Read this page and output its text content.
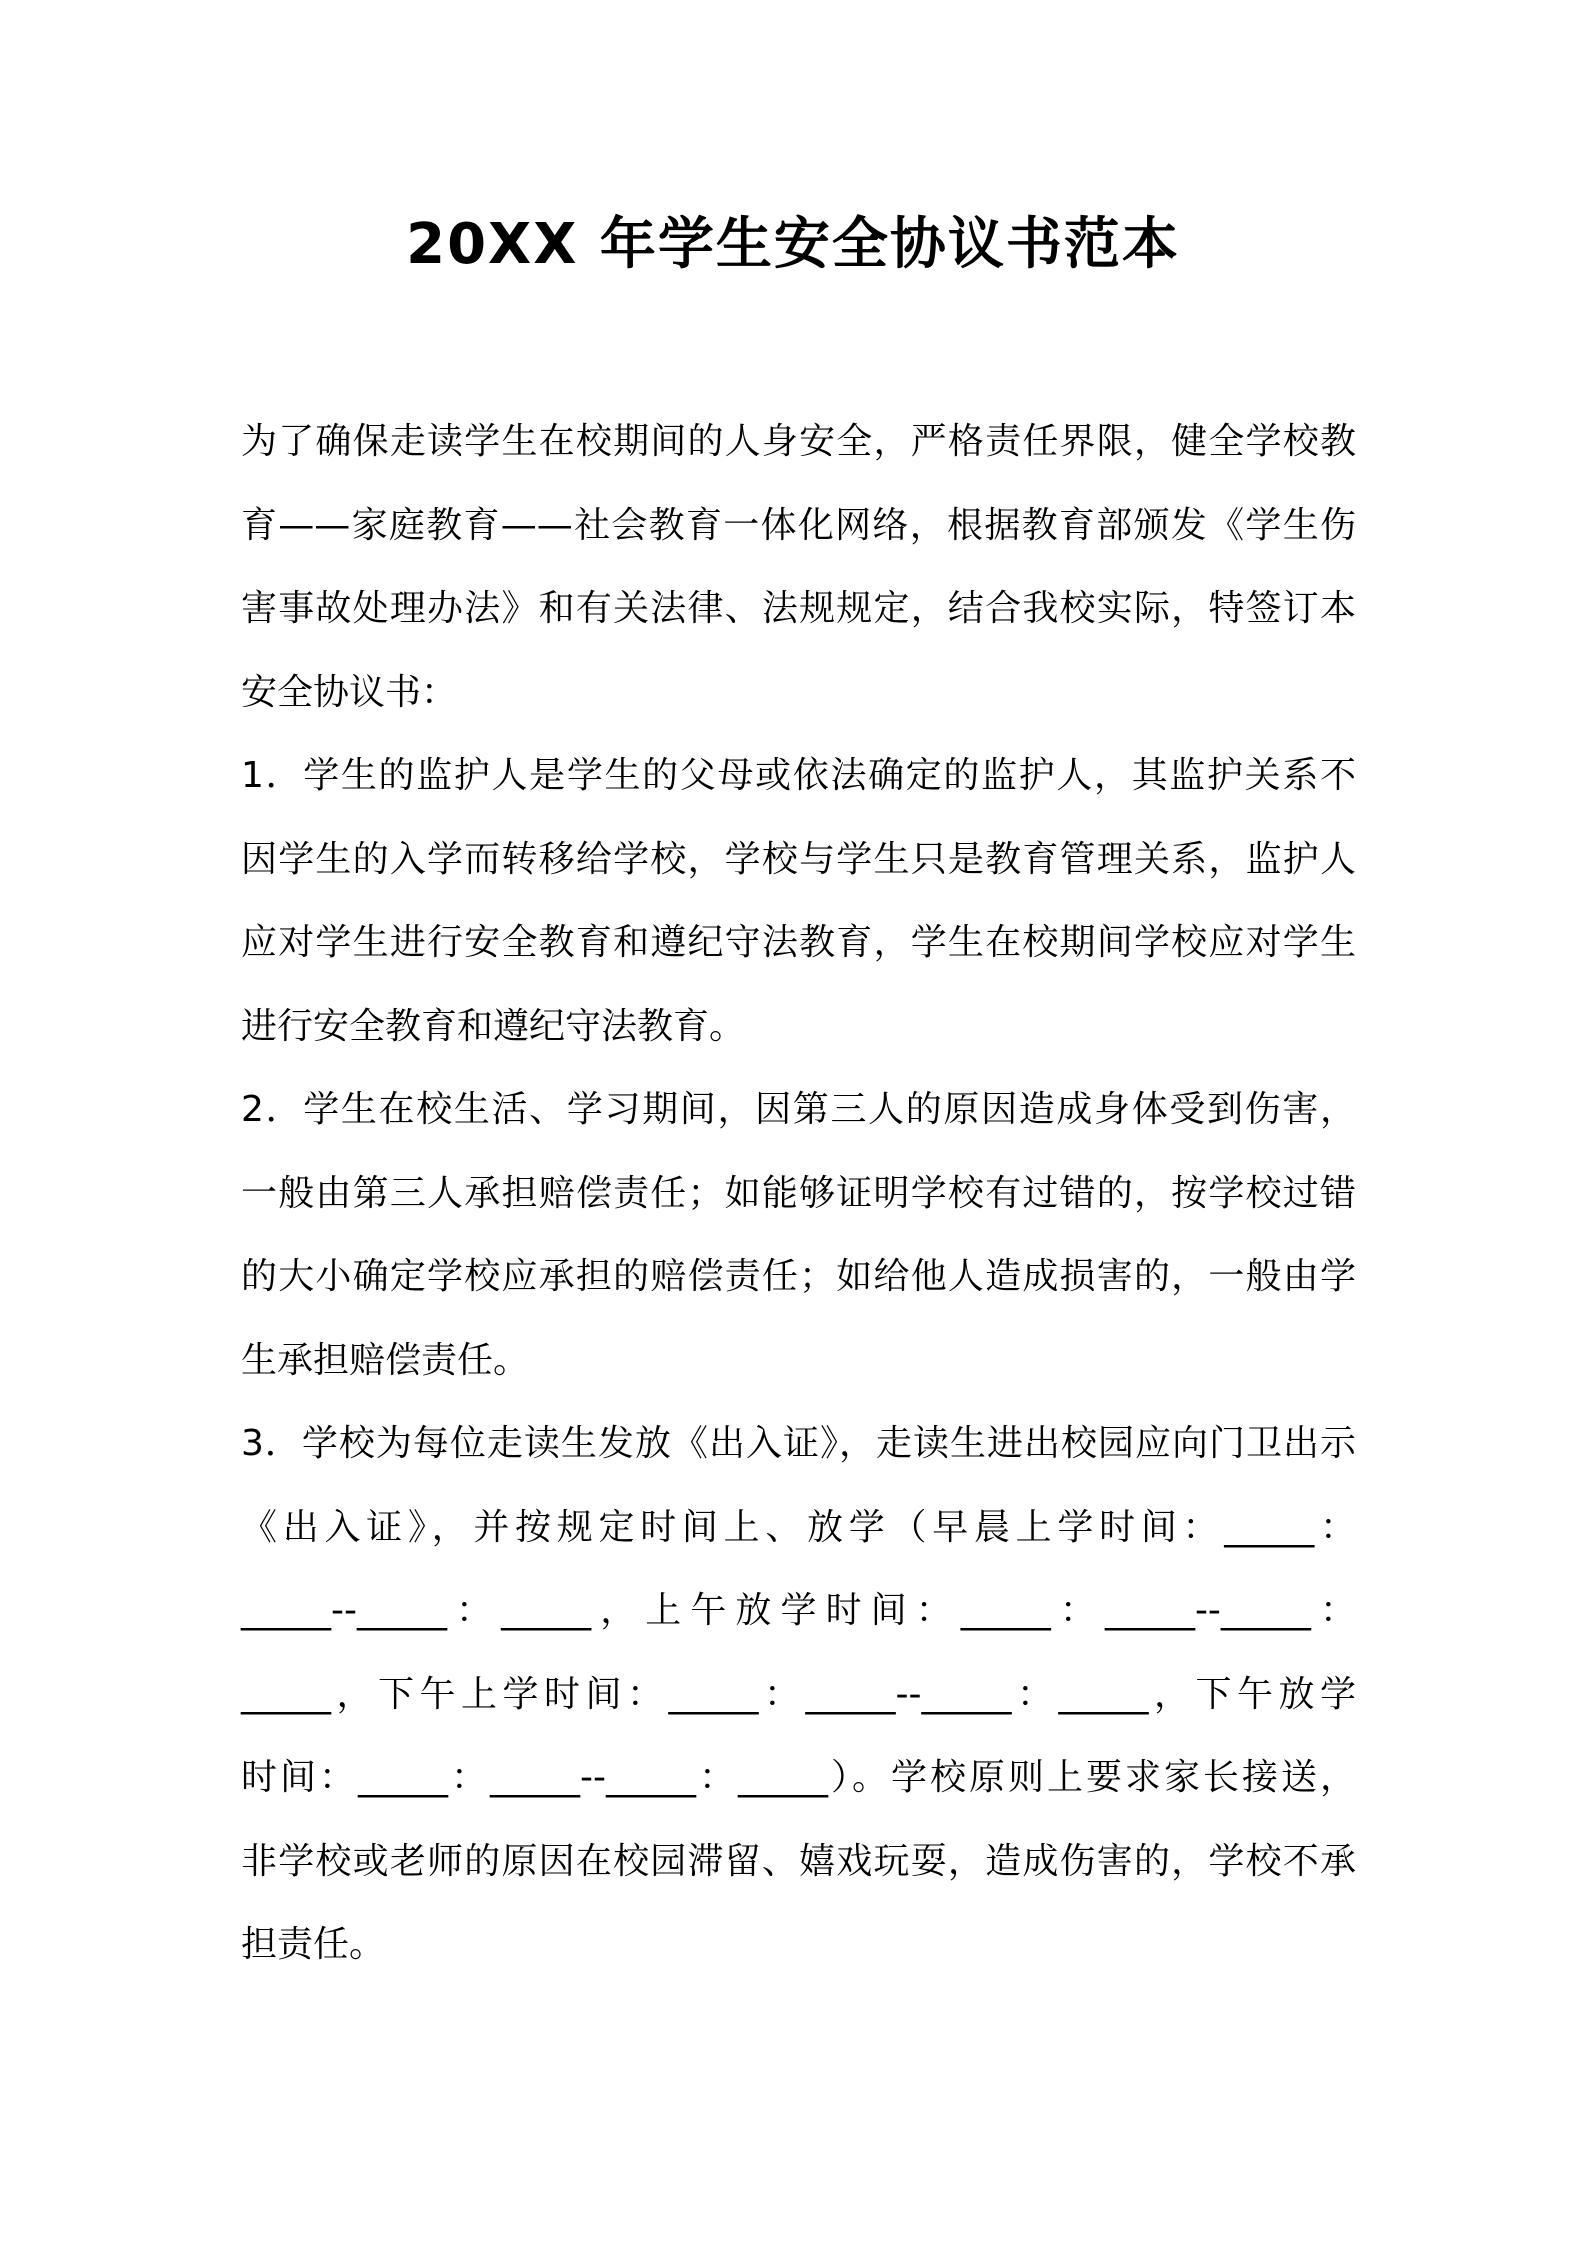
20XX 年学生安全协议书范本
为了确保走读学生在校期间的人身安全，严格责任界限，健全学校教
育——家庭教育——社会教育一体化网络，根据教育部颁发《学生伤
害事故处理办法》和有关法律、法规规定，结合我校实际，特签订本
安全协议书：
1．学生的监护人是学生的父母或依法确定的监护人，其监护关系不
因学生的入学而转移给学校，学校与学生只是教育管理关系，监护人
应对学生进行安全教育和遵纪守法教育，学生在校期间学校应对学生
进行安全教育和遵纪守法教育。
2．学生在校生活、学习期间，因第三人的原因造成身体受到伤害，
一般由第三人承担赔偿责任；如能够证明学校有过错的，按学校过错
的大小确定学校应承担的赔偿责任；如给他人造成损害的，一般由学
生承担赔偿责任。
3．学校为每位走读生发放《出入证》，走读生进出校园应向门卫出示
《出入证》，并按规定时间上、放学（早晨上学时间：_____：
_____--_____：_____，上午放学时间：_____：_____--_____：
_____，下午上学时间：_____：_____--_____：_____，下午放学
时间：_____：_____--_____：_____）。学校原则上要求家长接送，
非学校或老师的原因在校园滞留、嬉戏玩耍，造成伤害的，学校不承
担责任。
